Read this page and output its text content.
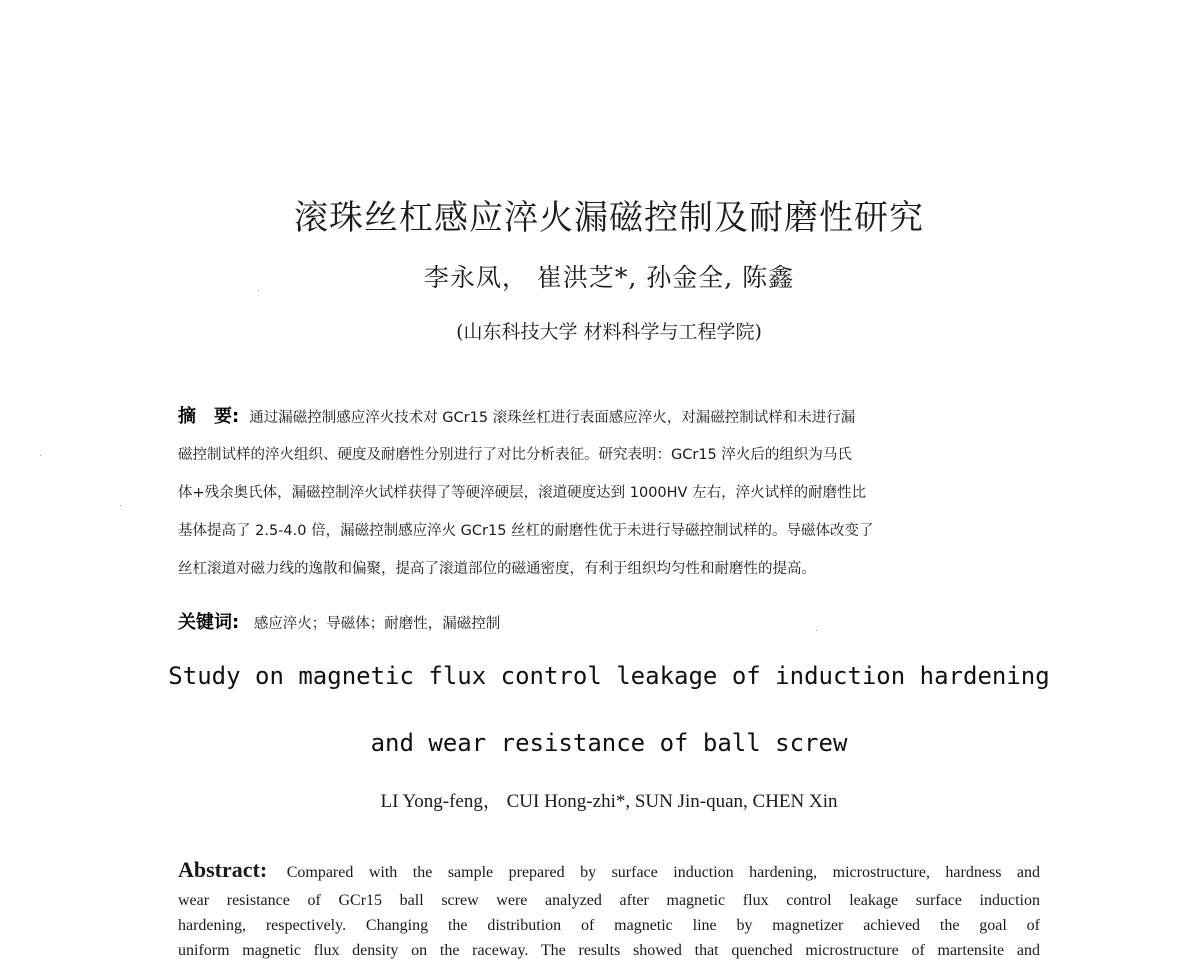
滚珠丝杠感应淬火漏磁控制及耐磨性研究
李永凤， 崔洪芝*, 孙金全, 陈鑫
(山东科技大学 材料科学与工程学院)
摘　要: 通过漏磁控制感应淬火技术对 GCr15 滚珠丝杠进行表面感应淬火，对漏磁控制试样和未进行漏
磁控制试样的淬火组织、硬度及耐磨性分别进行了对比分析表征。研究表明：GCr15 淬火后的组织为马氏
体+残余奥氏体，漏磁控制淬火试样获得了等硬淬硬层，滚道硬度达到 1000HV 左右，淬火试样的耐磨性比
基体提高了 2.5-4.0 倍，漏磁控制感应淬火 GCr15 丝杠的耐磨性优于未进行导磁控制试样的。导磁体改变了
丝杠滚道对磁力线的逸散和偏聚，提高了滚道部位的磁通密度，有利于组织均匀性和耐磨性的提高。
关键词: 感应淬火；导磁体；耐磨性，漏磁控制
Study on magnetic flux control leakage of induction hardening
and wear resistance of ball screw
LI Yong-feng， CUI Hong-zhi*, SUN Jin-quan, CHEN Xin
Abstract: Compared with the sample prepared by surface induction hardening, microstructure, hardness and
wear resistance of GCr15 ball screw were analyzed after magnetic flux control leakage surface induction
hardening, respectively. Changing the distribution of magnetic line by magnetizer achieved the goal of
uniform magnetic flux density on the raceway. The results showed that quenched microstructure of martensite and
